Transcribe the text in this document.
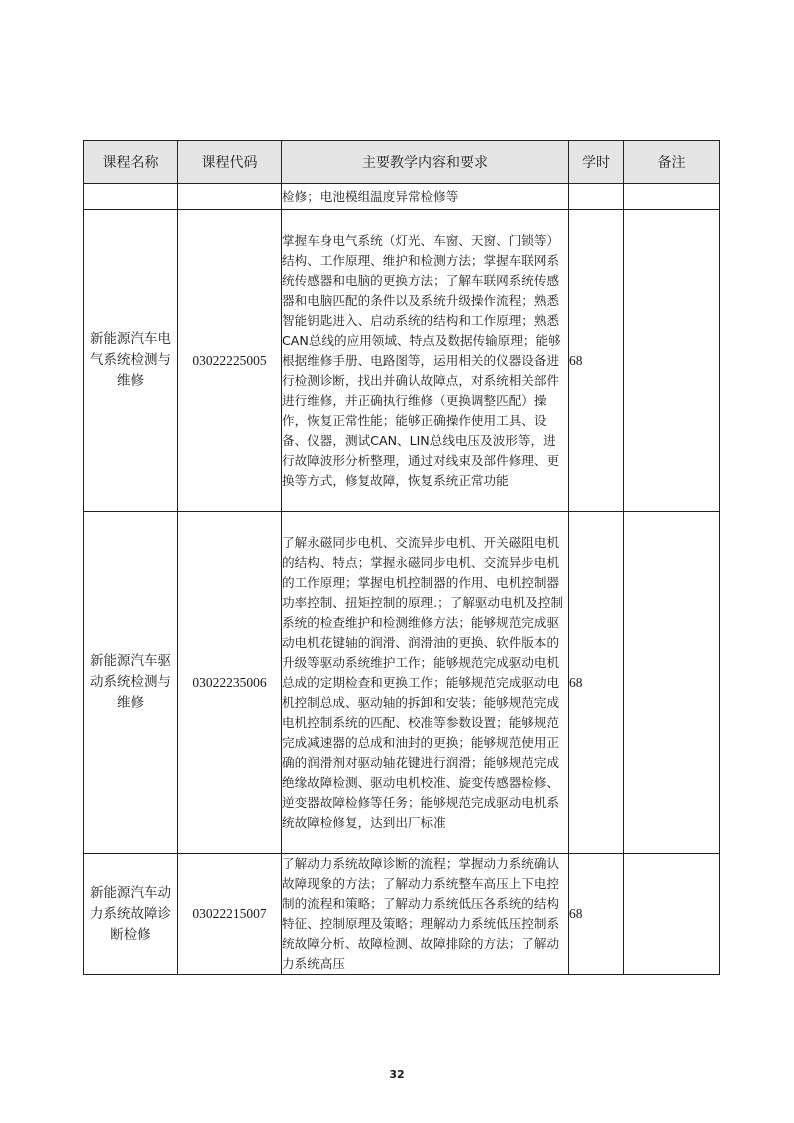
课程名称	课程代码	主要教学内容和要求	学时	备注
		检修；电池模组温度异常检修等		
新能源汽车电气系统检测与维修	03022225005	掌握车身电气系统（灯光、车窗、天窗、门锁等）结构、工作原理、维护和检测方法；掌握车联网系统传感器和电脑的更换方法；了解车联网系统传感器和电脑匹配的条件以及系统升级操作流程；熟悉智能钥匙进入、启动系统的结构和工作原理；熟悉CAN总线的应用领域、特点及数据传输原理；能够根据维修手册、电路图等，运用相关的仪器设备进行检测诊断，找出并确认故障点，对系统相关部件进行维修，并正确执行维修（更换调整匹配）操作，恢复正常性能；能够正确操作使用工具、设备、仪器，测试CAN、LIN总线电压及波形等，进行故障波形分析整理，通过对线束及部件修理、更换等方式，修复故障，恢复系统正常功能	68	
新能源汽车驱动系统检测与维修	03022235006	了解永磁同步电机、交流异步电机、开关磁阻电机的结构、特点；掌握永磁同步电机、交流异步电机的工作原理；掌握电机控制器的作用、电机控制器功率控制、扭矩控制的原理.；了解驱动电机及控制系统的检查维护和检测维修方法；能够规范完成驱动电机花键轴的润滑、润滑油的更换、软件版本的升级等驱动系统维护工作；能够规范完成驱动电机总成的定期检查和更换工作；能够规范完成驱动电机控制总成、驱动轴的拆卸和安装；能够规范完成电机控制系统的匹配、校准等参数设置；能够规范完成减速器的总成和油封的更换；能够规范使用正确的润滑剂对驱动轴花键进行润滑；能够规范完成绝缘故障检测、驱动电机校准、旋变传感器检修、逆变器故障检修等任务；能够规范完成驱动电机系统故障检修复，达到出厂标准	68	
新能源汽车动力系统故障诊断检修	03022215007	了解动力系统故障诊断的流程；掌握动力系统确认故障现象的方法；了解动力系统整车高压上下电控制的流程和策略；了解动力系统低压各系统的结构特征、控制原理及策略；理解动力系统低压控制系统故障分析、故障检测、故障排除的方法；了解动力系统高压	68	
32
